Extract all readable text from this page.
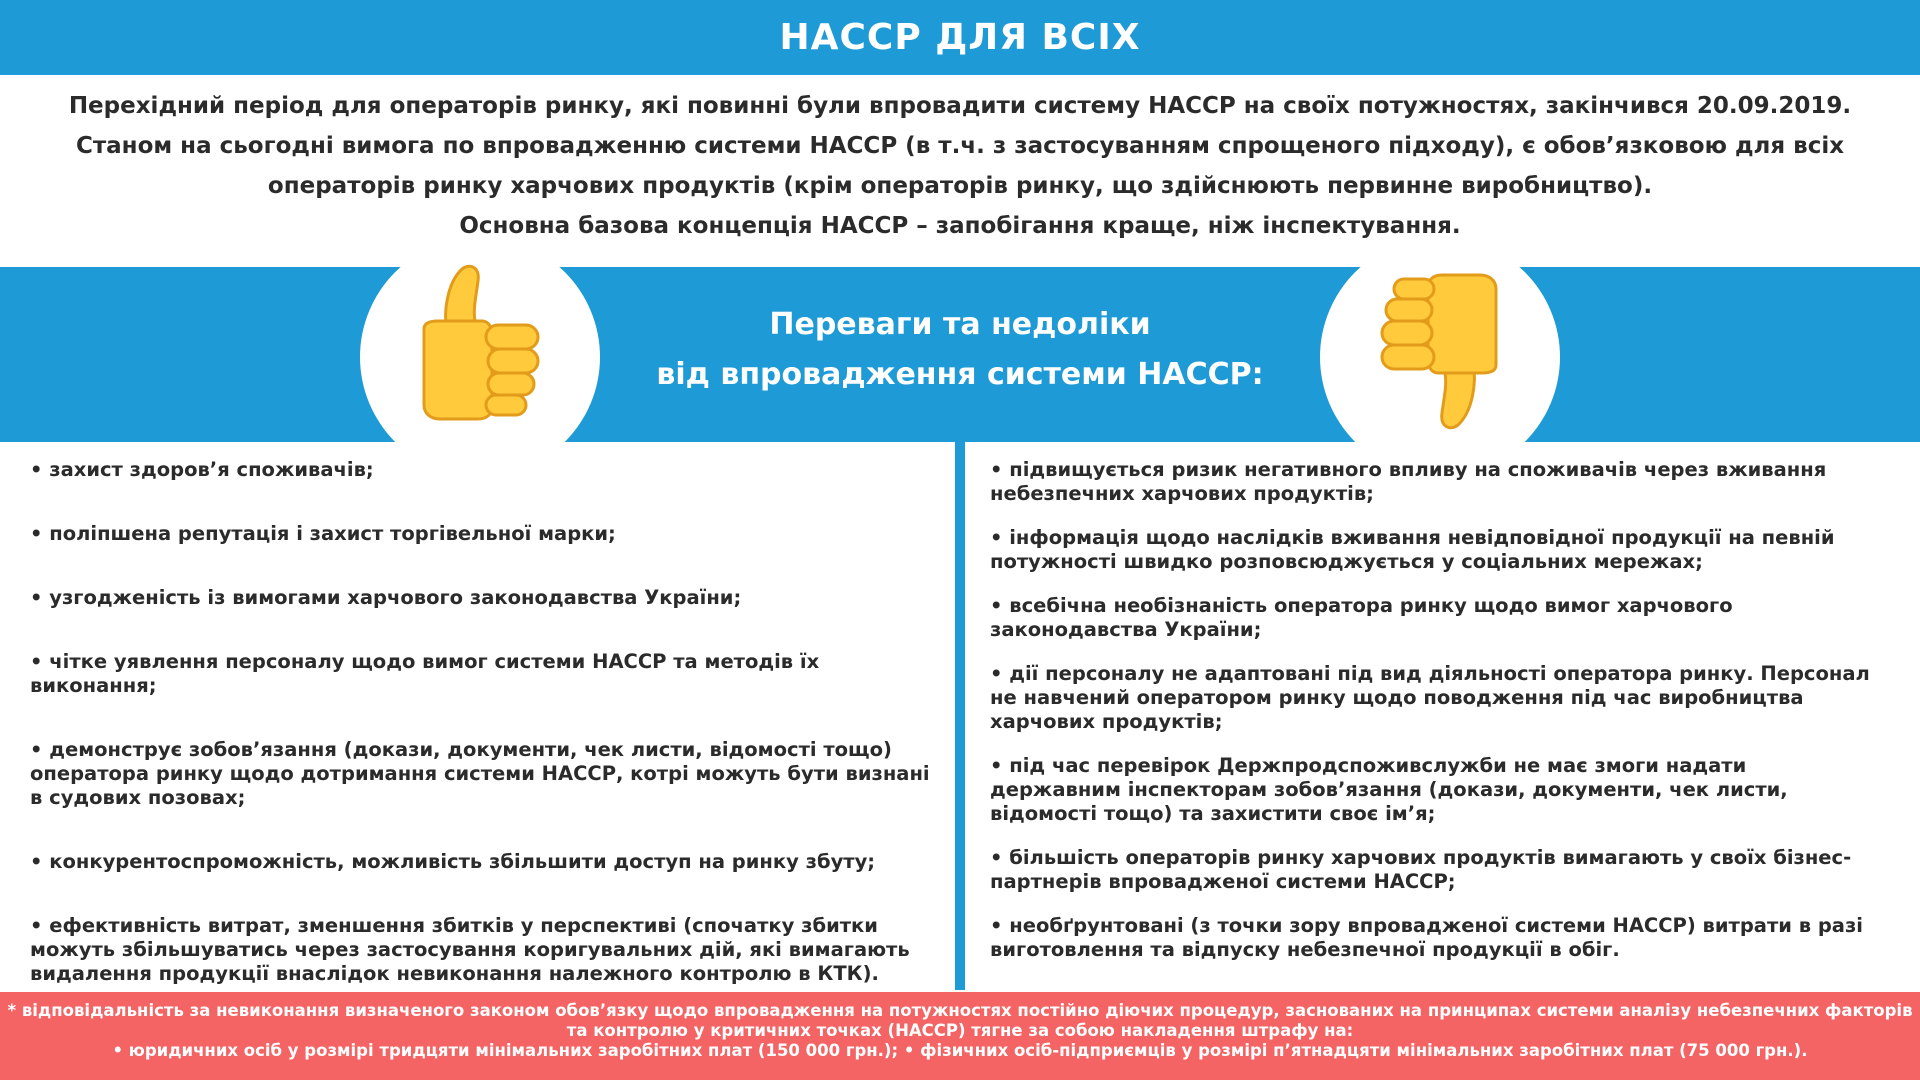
НАССР ДЛЯ ВСІХ

Перехідний період для операторів ринку, які повинні були впровадити систему НАССР на своїх потужностях, закінчився 20.09.2019.

Станом на сьогодні вимога по впровадженню системи НАССР (в т.ч. з застосуванням спрощеного підходу), є обов’язковою для всіх

операторів ринку харчових продуктів (крім операторів ринку, що здійснюють первинне виробництво).

Основна базова концепція НАССР – запобігання краще, ніж інспектування.

Переваги та недоліки
від впровадження системи НАССР:

• захист здоров’я споживачів;

• поліпшена репутація і захист торгівельної марки;

• узгодженість із вимогами харчового законодавства України;

• чітке уявлення персоналу щодо вимог системи НАССР та методів їх виконання;

• демонструє зобов’язання (докази, документи, чек листи, відомості тощо) оператора ринку щодо дотримання системи НАССР, котрі можуть бути визнані в судових позовах;

• конкурентоспроможність, можливість збільшити доступ на ринку збуту;

• ефективність витрат, зменшення збитків у перспективі (спочатку збитки можуть збільшуватись через застосування коригувальних дій, які вимагають видалення продукції внаслідок невиконання належного контролю в КТК).

• підвищується ризик негативного впливу на споживачів через вживання небезпечних харчових продуктів;

• інформація щодо наслідків вживання невідповідної продукції на певній потужності швидко розповсюджується у соціальних мережах;

• всебічна необізнаність оператора ринку щодо вимог харчового законодавства України;

• дії персоналу не адаптовані під вид діяльності оператора ринку. Персонал не навчений оператором ринку щодо поводження під час виробництва харчових продуктів;

• під час перевірок Держпродспоживслужби не має змоги надати державним інспекторам зобов’язання (докази, документи, чек листи, відомості тощо) та захистити своє ім’я;

• більшість операторів ринку харчових продуктів вимагають у своїх бізнес-партнерів впровадженої системи НАССР;

• необґрунтовані (з точки зору впровадженої системи НАССР) витрати в разі виготовлення та відпуску небезпечної продукції в обіг.

* відповідальність за невиконання визначеного законом обов’язку щодо впровадження на потужностях постійно діючих процедур, заснованих на принципах системи аналізу небезпечних факторів та контролю у критичних точках (НАССР) тягне за собою накладення штрафу на:

• юридичних осіб у розмірі тридцяти мінімальних заробітних плат (150 000 грн.); • фізичних осіб-підприємців у розмірі п’ятнадцяти мінімальних заробітних плат (75 000 грн.).
